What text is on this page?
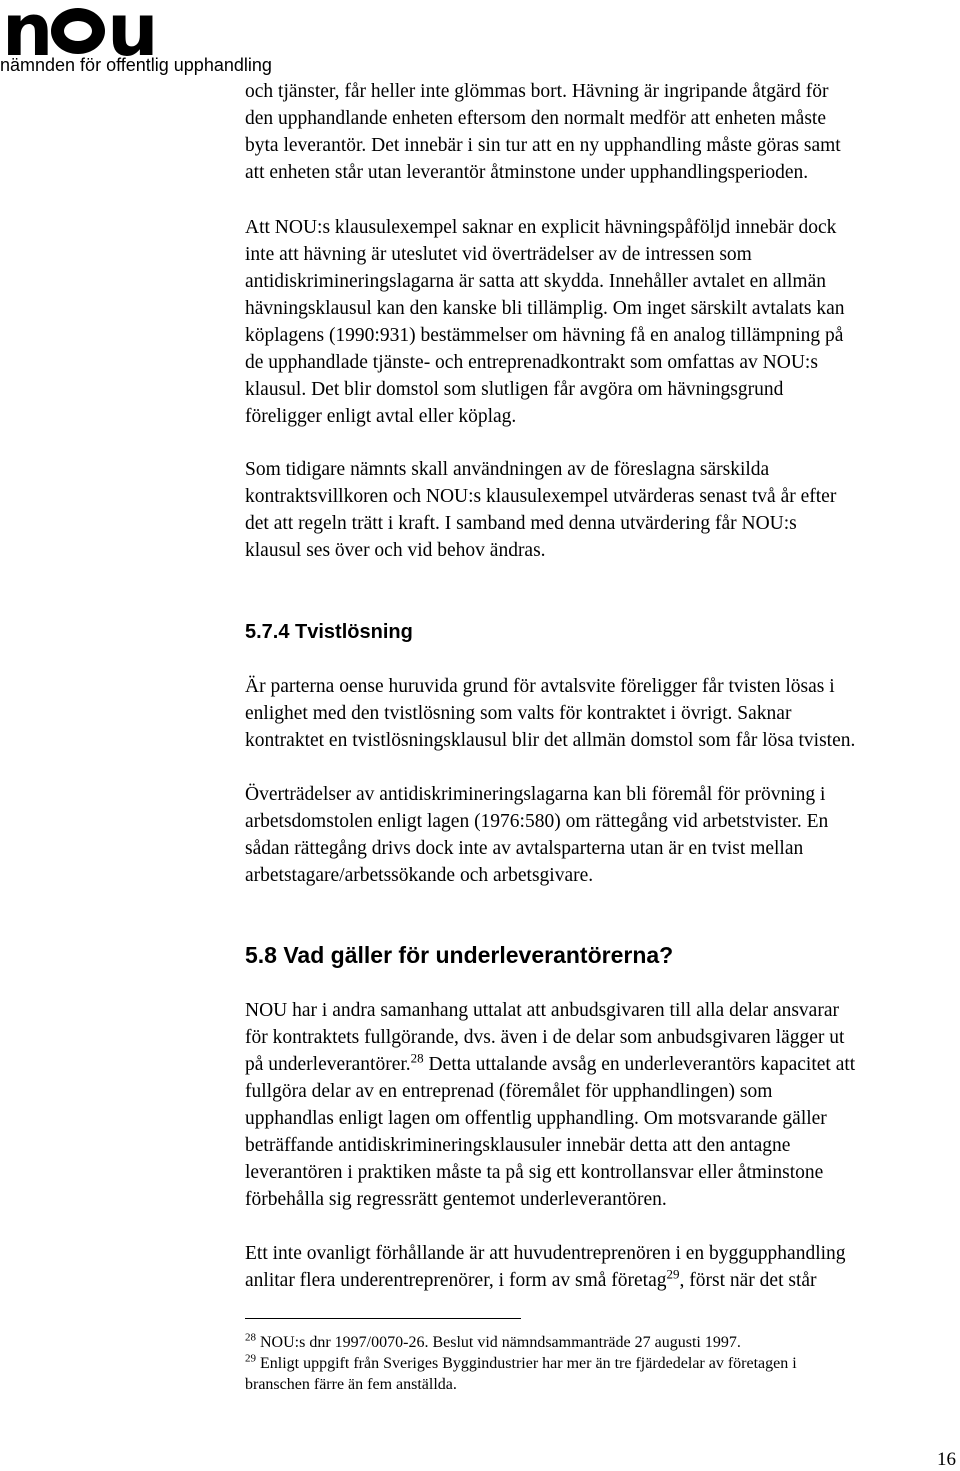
n u
nämnden för offentlig upphandling
och tjänster, får heller inte glömmas bort. Hävning är ingripande åtgärd för
den upphandlande enheten eftersom den normalt medför att enheten måste
byta leverantör. Det innebär i sin tur att en ny upphandling måste göras samt
att enheten står utan leverantör åtminstone under upphandlingsperioden.
Att NOU:s klausulexempel saknar en explicit hävningspåföljd innebär dock
inte att hävning är uteslutet vid överträdelser av de intressen som
antidiskrimineringslagarna är satta att skydda. Innehåller avtalet en allmän
hävningsklausul kan den kanske bli tillämplig. Om inget särskilt avtalats kan
köplagens (1990:931) bestämmelser om hävning få en analog tillämpning på
de upphandlade tjänste- och entreprenadkontrakt som omfattas av NOU:s
klausul. Det blir domstol som slutligen får avgöra om hävningsgrund
föreligger enligt avtal eller köplag.
Som tidigare nämnts skall användningen av de föreslagna särskilda
kontraktsvillkoren och NOU:s klausulexempel utvärderas senast två år efter
det att regeln trätt i kraft. I samband med denna utvärdering får NOU:s
klausul ses över och vid behov ändras.
5.7.4 Tvistlösning
Är parterna oense huruvida grund för avtalsvite föreligger får tvisten lösas i
enlighet med den tvistlösning som valts för kontraktet i övrigt. Saknar
kontraktet en tvistlösningsklausul blir det allmän domstol som får lösa tvisten.
Överträdelser av antidiskrimineringslagarna kan bli föremål för prövning i
arbetsdomstolen enligt lagen (1976:580) om rättegång vid arbetstvister. En
sådan rättegång drivs dock inte av avtalsparterna utan är en tvist mellan
arbetstagare/arbetssökande och arbetsgivare.
5.8 Vad gäller för underleverantörerna?
NOU har i andra samanhang uttalat att anbudsgivaren till alla delar ansvarar
för kontraktets fullgörande, dvs. även i de delar som anbudsgivaren lägger ut
på underleverantörer.$^{28}$ Detta uttalande avsåg en underleverantörs kapacitet att
fullgöra delar av en entreprenad (föremålet för upphandlingen) som
upphandlas enligt lagen om offentlig upphandling. Om motsvarande gäller
beträffande antidiskrimineringsklausuler innebär detta att den antagne
leverantören i praktiken måste ta på sig ett kontrollansvar eller åtminstone
förbehålla sig regressrätt gentemot underleverantören.
Ett inte ovanligt förhållande är att huvudentreprenören i en byggupphandling
anlitar flera underentreprenörer, i form av små företag$^{29}$, först när det står

$^{28}$ NOU:s dnr 1997/0070-26. Beslut vid nämndsammanträde 27 augusti 1997.

$^{29}$ Enligt uppgift från Sveriges Byggindustrier har mer än tre fjärdedelar av företagen i
branschen färre än fem anställda.

16
